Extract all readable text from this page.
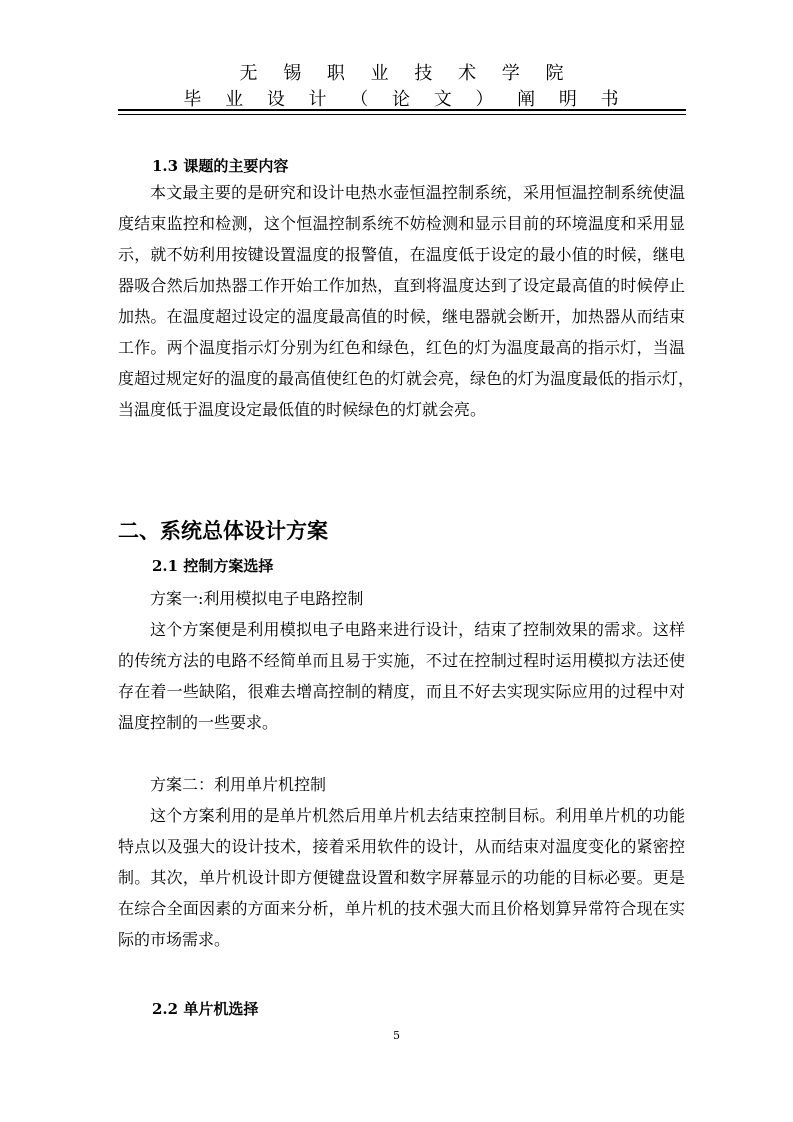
无 锡 职 业 技 术 学 院
毕 业 设 计 （ 论 文 ） 阐 明 书
1.3 课题的主要内容
本文最主要的是研究和设计电热水壶恒温控制系统，采用恒温控制系统使温
度结束监控和检测，这个恒温控制系统不妨检测和显示目前的环境温度和采用显
示，就不妨利用按键设置温度的报警值，在温度低于设定的最小值的时候，继电
器吸合然后加热器工作开始工作加热，直到将温度达到了设定最高值的时候停止
加热。在温度超过设定的温度最高值的时候，继电器就会断开，加热器从而结束
工作。两个温度指示灯分别为红色和绿色，红色的灯为温度最高的指示灯，当温
度超过规定好的温度的最高值使红色的灯就会亮，绿色的灯为温度最低的指示灯，
当温度低于温度设定最低值的时候绿色的灯就会亮。
二、系统总体设计方案
2.1 控制方案选择
方案一:利用模拟电子电路控制
这个方案便是利用模拟电子电路来进行设计，结束了控制效果的需求。这样
的传统方法的电路不经简单而且易于实施，不过在控制过程时运用模拟方法还使
存在着一些缺陷，很难去增高控制的精度，而且不好去实现实际应用的过程中对
温度控制的一些要求。
方案二：利用单片机控制
这个方案利用的是单片机然后用单片机去结束控制目标。利用单片机的功能
特点以及强大的设计技术，接着采用软件的设计，从而结束对温度变化的紧密控
制。其次，单片机设计即方便键盘设置和数字屏幕显示的功能的目标必要。更是
在综合全面因素的方面来分析，单片机的技术强大而且价格划算异常符合现在实
际的市场需求。
2.2 单片机选择
5
